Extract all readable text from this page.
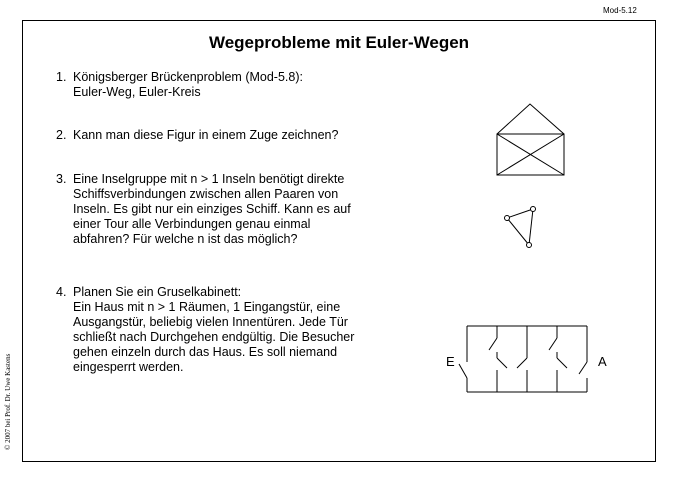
Mod-5.12
Wegeprobleme mit Euler-Wegen
1. Königsberger Brückenproblem (Mod-5.8):
Euler-Weg, Euler-Kreis
2. Kann man diese Figur in einem Zuge zeichnen?
3. Eine Inselgruppe mit n > 1 Inseln benötigt direkte
Schiffsverbindungen zwischen allen Paaren von
Inseln. Es gibt nur ein einziges Schiff. Kann es auf
einer Tour alle Verbindungen genau einmal
abfahren? Für welche n ist das möglich?
4. Planen Sie ein Gruselkabinett:
Ein Haus mit n > 1 Räumen, 1 Eingangstür, eine
Ausgangstür, beliebig vielen Innentüren. Jede Tür
schließt nach Durchgehen endgültig. Die Besucher
gehen einzeln durch das Haus. Es soll niemand
eingesperrt werden.	E	A
© 2007 bei Prof. Dr. Uwe Kastens
